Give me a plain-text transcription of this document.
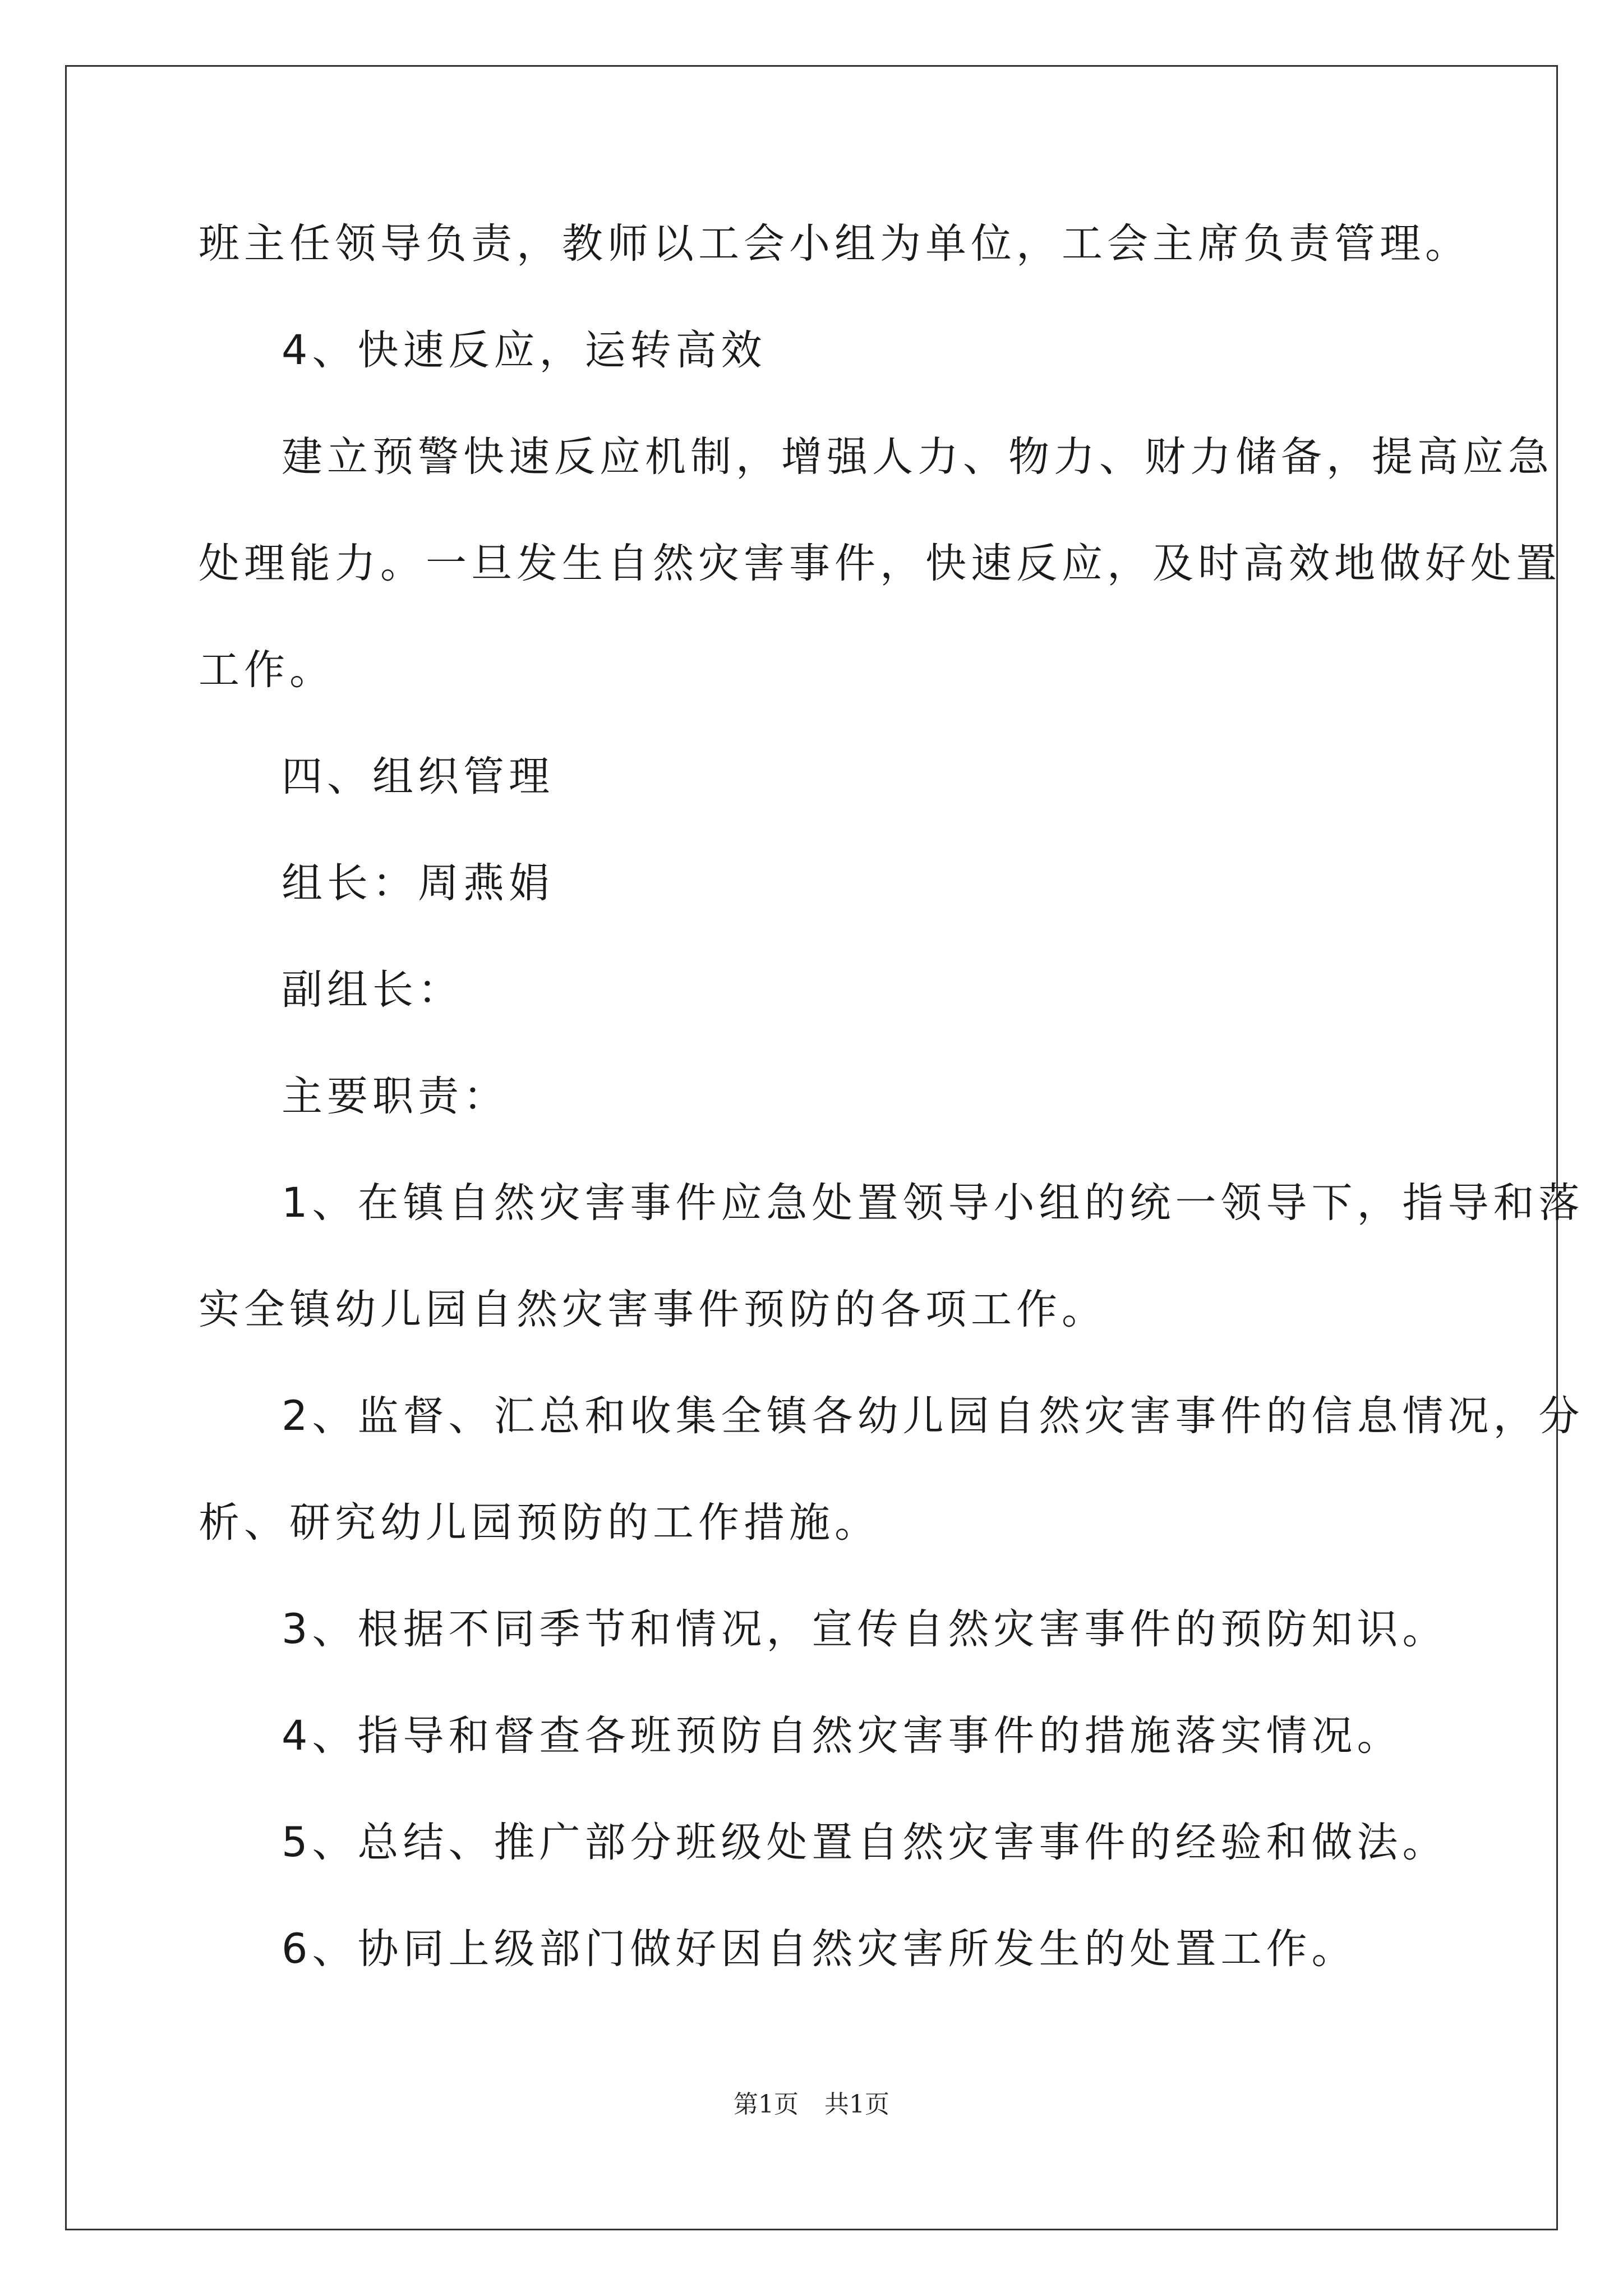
班主任领导负责，教师以工会小组为单位，工会主席负责管理。
4、快速反应，运转高效
建立预警快速反应机制，增强人力、物力、财力储备，提高应急
处理能力。一旦发生自然灾害事件，快速反应，及时高效地做好处置
工作。
四、组织管理
组长：周燕娟
副组长：
主要职责：
1、在镇自然灾害事件应急处置领导小组的统一领导下，指导和落
实全镇幼儿园自然灾害事件预防的各项工作。
2、监督、汇总和收集全镇各幼儿园自然灾害事件的信息情况，分
析、研究幼儿园预防的工作措施。
3、根据不同季节和情况，宣传自然灾害事件的预防知识。
4、指导和督查各班预防自然灾害事件的措施落实情况。
5、总结、推广部分班级处置自然灾害事件的经验和做法。
6、协同上级部门做好因自然灾害所发生的处置工作。
第1页 共1页
